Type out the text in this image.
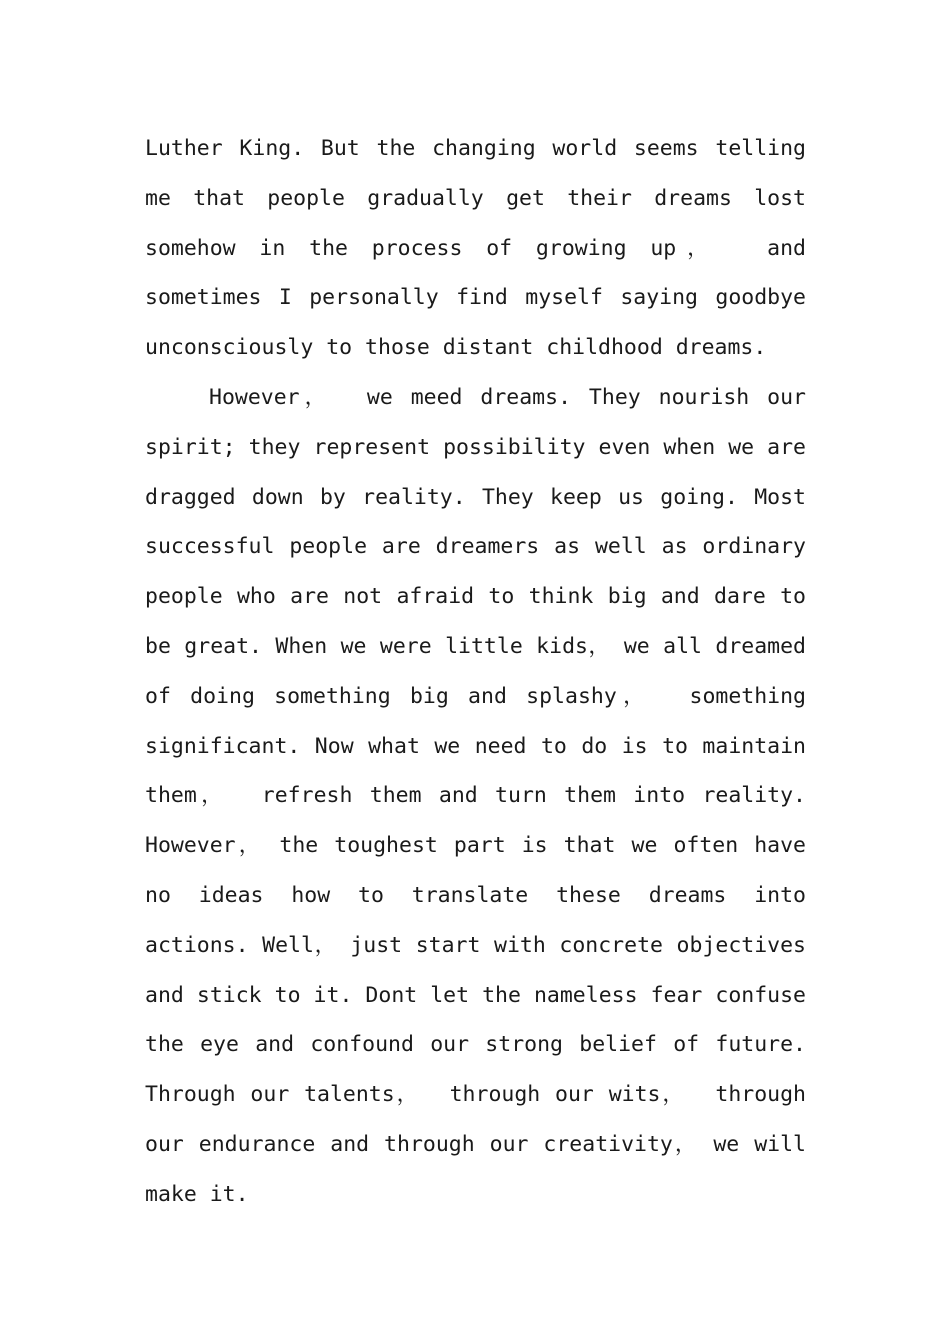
Luther King. But the changing world seems telling
me that people gradually get their dreams lost
somehow in the process of growing up，  and
sometimes I personally find myself saying goodbye
unconsciously to those distant childhood dreams.
However，  we meed dreams. They nourish our
spirit; they represent possibility even when we are
dragged down by reality. They keep us going. Most
successful people are dreamers as well as ordinary
people who are not afraid to think big and dare to
be great. When we were little kids， we all dreamed
of doing something big and splashy，  something
significant. Now what we need to do is to maintain
them，  refresh them and turn them into reality.
However， the toughest part is that we often have
no ideas how to translate these dreams into
actions. Well， just start with concrete objectives
and stick to it. Dont let the nameless fear confuse
the eye and confound our strong belief of future.
Through our talents，  through our wits，  through
our endurance and through our creativity， we will
make it.
